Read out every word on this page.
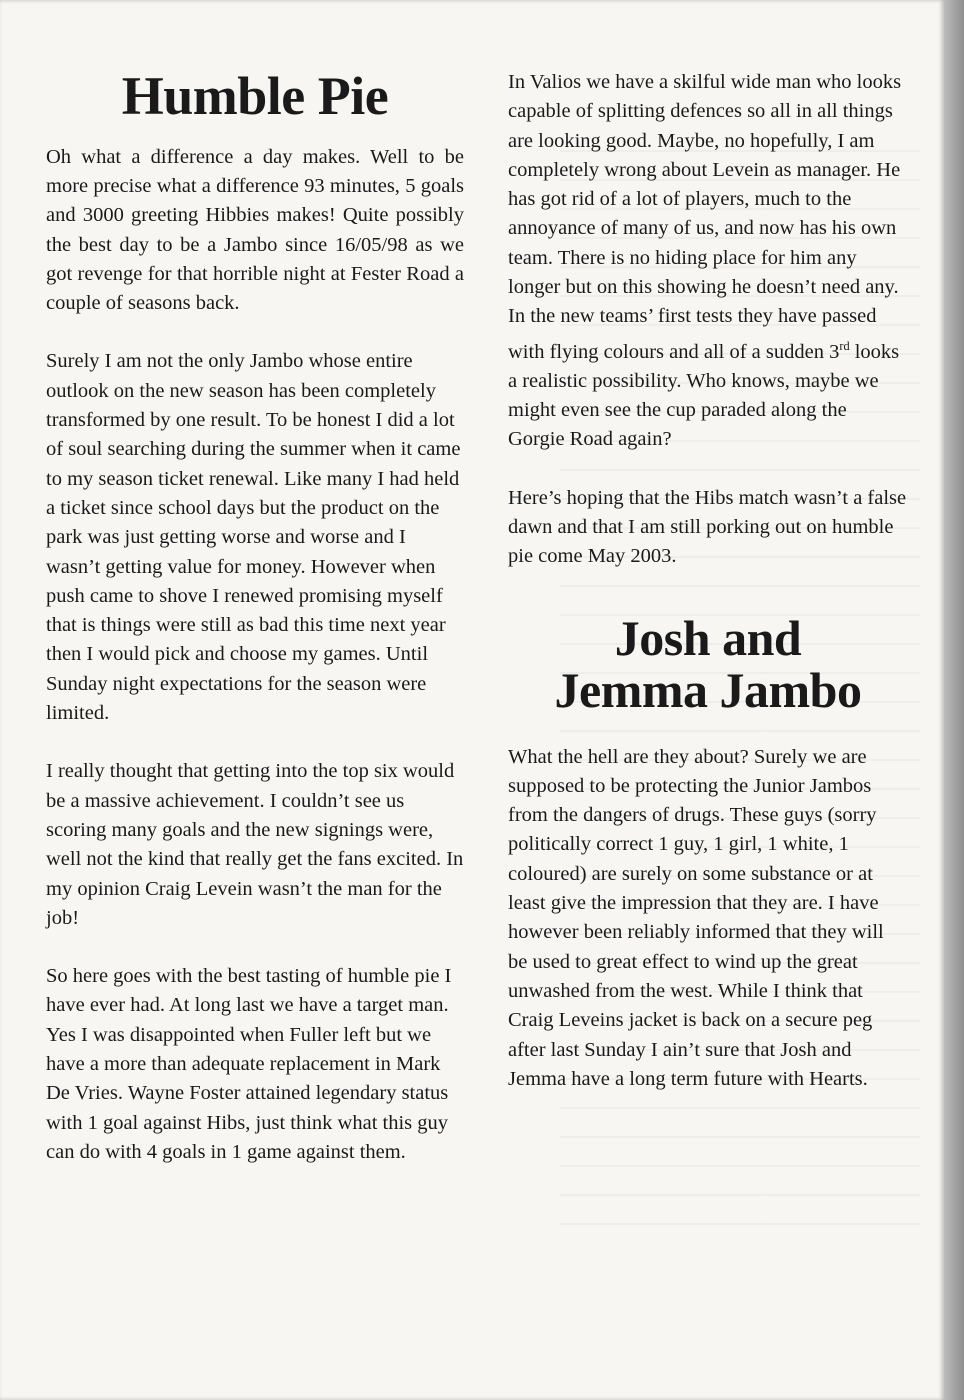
Humble Pie

Oh what a difference a day makes. Well to be more precise what a difference 93 minutes, 5 goals and 3000 greeting Hibbies makes! Quite possibly the best day to be a Jambo since 16/05/98 as we got revenge for that horrible night at Fester Road a couple of seasons back.

Surely I am not the only Jambo whose entire outlook on the new season has been completely transformed by one result. To be honest I did a lot of soul searching during the summer when it came to my season ticket renewal. Like many I had held a ticket since school days but the product on the park was just getting worse and worse and I wasn’t getting value for money. However when push came to shove I renewed promising myself that is things were still as bad this time next year then I would pick and choose my games. Until Sunday night expectations for the season were limited.

I really thought that getting into the top six would be a massive achievement. I couldn’t see us scoring many goals and the new signings were, well not the kind that really get the fans excited. In my opinion Craig Levein wasn’t the man for the job!

So here goes with the best tasting of humble pie I have ever had. At long last we have a target man. Yes I was disappointed when Fuller left but we have a more than adequate replacement in Mark De Vries. Wayne Foster attained legendary status with 1 goal against Hibs, just think what this guy can do with 4 goals in 1 game against them.

In Valios we have a skilful wide man who looks capable of splitting defences so all in all things are looking good. Maybe, no hopefully, I am completely wrong about Levein as manager. He has got rid of a lot of players, much to the annoyance of many of us, and now has his own team. There is no hiding place for him any longer but on this showing he doesn’t need any. In the new teams’ first tests they have passed with flying colours and all of a sudden 3rd looks a realistic possibility. Who knows, maybe we might even see the cup paraded along the Gorgie Road again?

Here’s hoping that the Hibs match wasn’t a false dawn and that I am still porking out on humble pie come May 2003.

Josh and
Jemma Jambo

What the hell are they about? Surely we are supposed to be protecting the Junior Jambos from the dangers of drugs. These guys (sorry politically correct 1 guy, 1 girl, 1 white, 1 coloured) are surely on some substance or at least give the impression that they are. I have however been reliably informed that they will be used to great effect to wind up the great unwashed from the west. While I think that Craig Leveins jacket is back on a secure peg after last Sunday I ain’t sure that Josh and Jemma have a long term future with Hearts.
